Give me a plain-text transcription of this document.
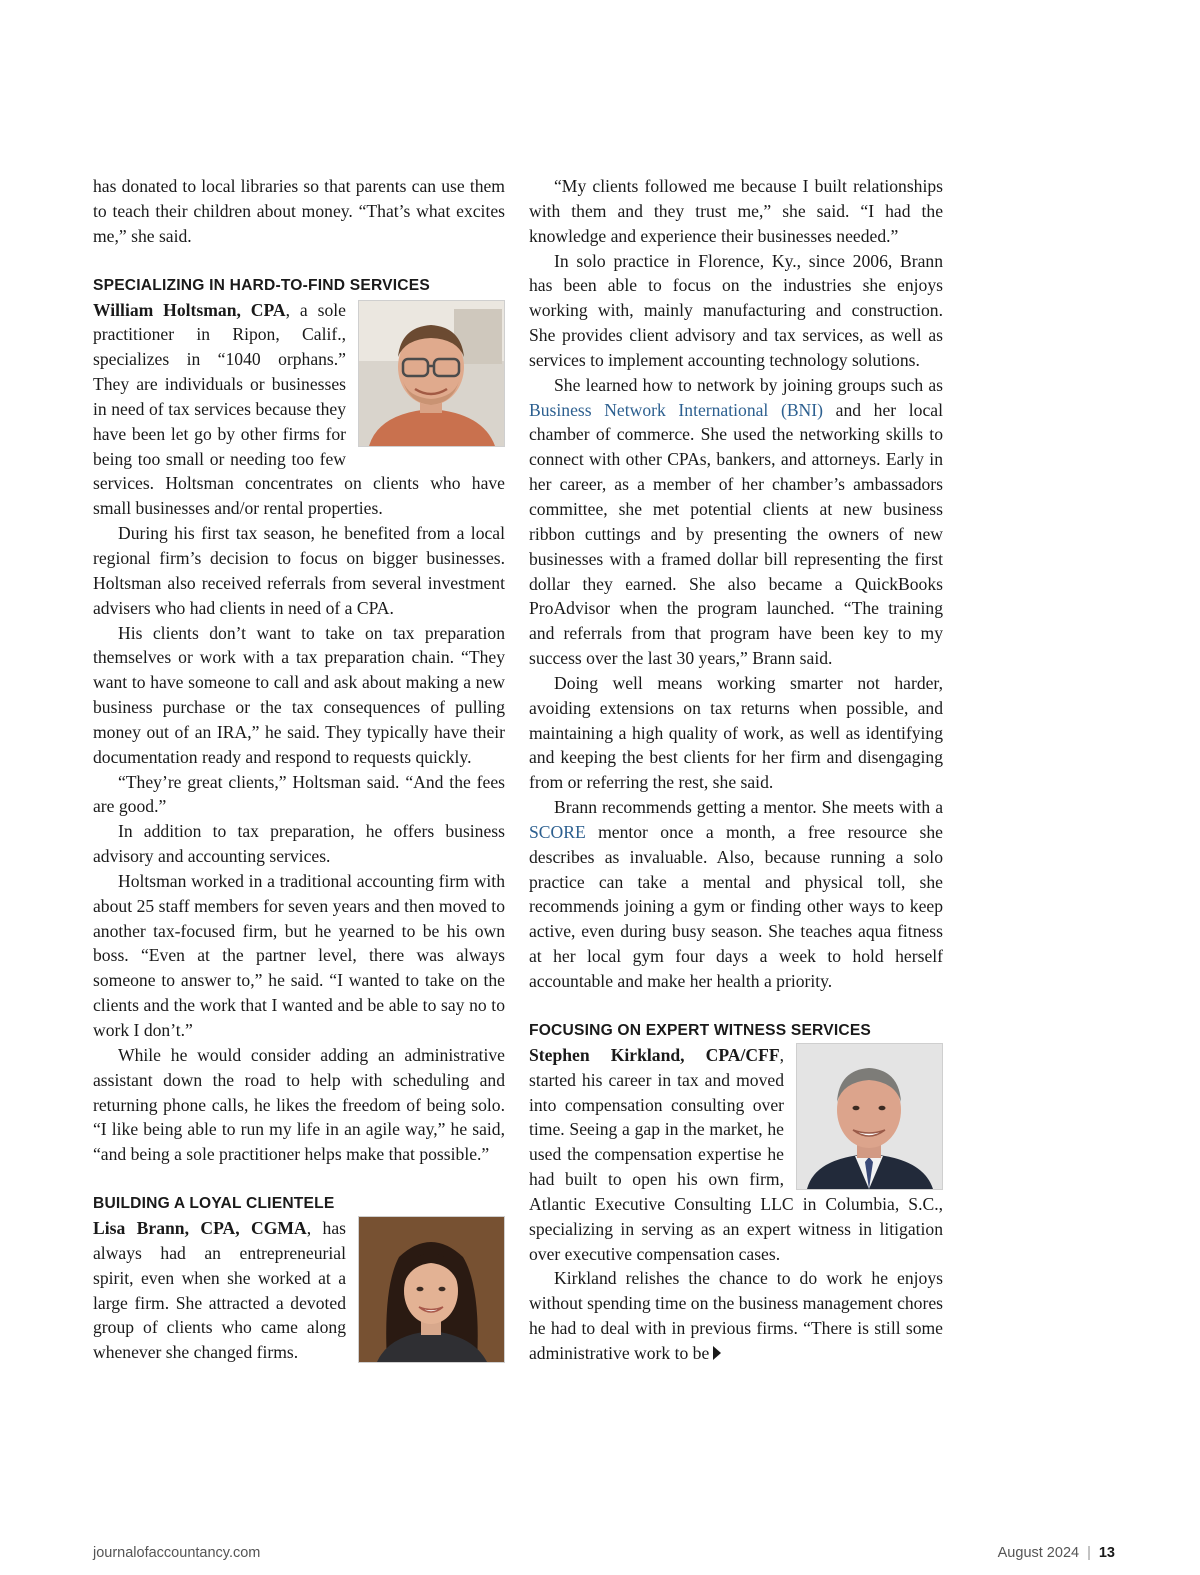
has donated to local libraries so that parents can use them to teach their children about money. “That’s what excites me,” she said.

SPECIALIZING IN HARD-TO-FIND SERVICES

William Holtsman, CPA, a sole practitioner in Ripon, Calif., specializes in “1040 orphans.” They are individuals or businesses in need of tax services because they have been let go by other firms for being too small or needing too few services. Holtsman concentrates on clients who have small businesses and/or rental properties.

During his first tax season, he benefited from a local regional firm’s decision to focus on bigger businesses. Holtsman also received referrals from several investment advisers who had clients in need of a CPA.

His clients don’t want to take on tax preparation themselves or work with a tax preparation chain. “They want to have someone to call and ask about making a new business purchase or the tax consequences of pulling money out of an IRA,” he said. They typically have their documentation ready and respond to requests quickly.

“They’re great clients,” Holtsman said. “And the fees are good.”

In addition to tax preparation, he offers business advisory and accounting services.

Holtsman worked in a traditional accounting firm with about 25 staff members for seven years and then moved to another tax-focused firm, but he yearned to be his own boss. “Even at the partner level, there was always someone to answer to,” he said. “I wanted to take on the clients and the work that I wanted and be able to say no to work I don’t.”

While he would consider adding an administrative assistant down the road to help with scheduling and returning phone calls, he likes the freedom of being solo. “I like being able to run my life in an agile way,” he said, “and being a sole practitioner helps make that possible.”

BUILDING A LOYAL CLIENTELE

Lisa Brann, CPA, CGMA, has always had an entrepreneurial spirit, even when she worked at a large firm. She attracted a devoted group of clients who came along whenever she changed firms.

“My clients followed me because I built relationships with them and they trust me,” she said. “I had the knowledge and experience their businesses needed.”

In solo practice in Florence, Ky., since 2006, Brann has been able to focus on the industries she enjoys working with, mainly manufacturing and construction. She provides client advisory and tax services, as well as services to implement accounting technology solutions.

She learned how to network by joining groups such as Business Network International (BNI) and her local chamber of commerce. She used the networking skills to connect with other CPAs, bankers, and attorneys. Early in her career, as a member of her chamber’s ambassadors committee, she met potential clients at new business ribbon cuttings and by presenting the owners of new businesses with a framed dollar bill representing the first dollar they earned. She also became a QuickBooks ProAdvisor when the program launched. “The training and referrals from that program have been key to my success over the last 30 years,” Brann said.

Doing well means working smarter not harder, avoiding extensions on tax returns when possible, and maintaining a high quality of work, as well as identifying and keeping the best clients for her firm and disengaging from or referring the rest, she said.

Brann recommends getting a mentor. She meets with a SCORE mentor once a month, a free resource she describes as invaluable. Also, because running a solo practice can take a mental and physical toll, she recommends joining a gym or finding other ways to keep active, even during busy season. She teaches aqua fitness at her local gym four days a week to hold herself accountable and make her health a priority.

FOCUSING ON EXPERT WITNESS SERVICES

Stephen Kirkland, CPA/CFF, started his career in tax and moved into compensation consulting over time. Seeing a gap in the market, he used the compensation expertise he had built to open his own firm, Atlantic Executive Consulting LLC in Columbia, S.C., specializing in serving as an expert witness in litigation over executive compensation cases.

Kirkland relishes the chance to do work he enjoys without spending time on the business management chores he had to deal with in previous firms. “There is still some administrative work to be

journalofaccountancy.com	August 2024 | 13
